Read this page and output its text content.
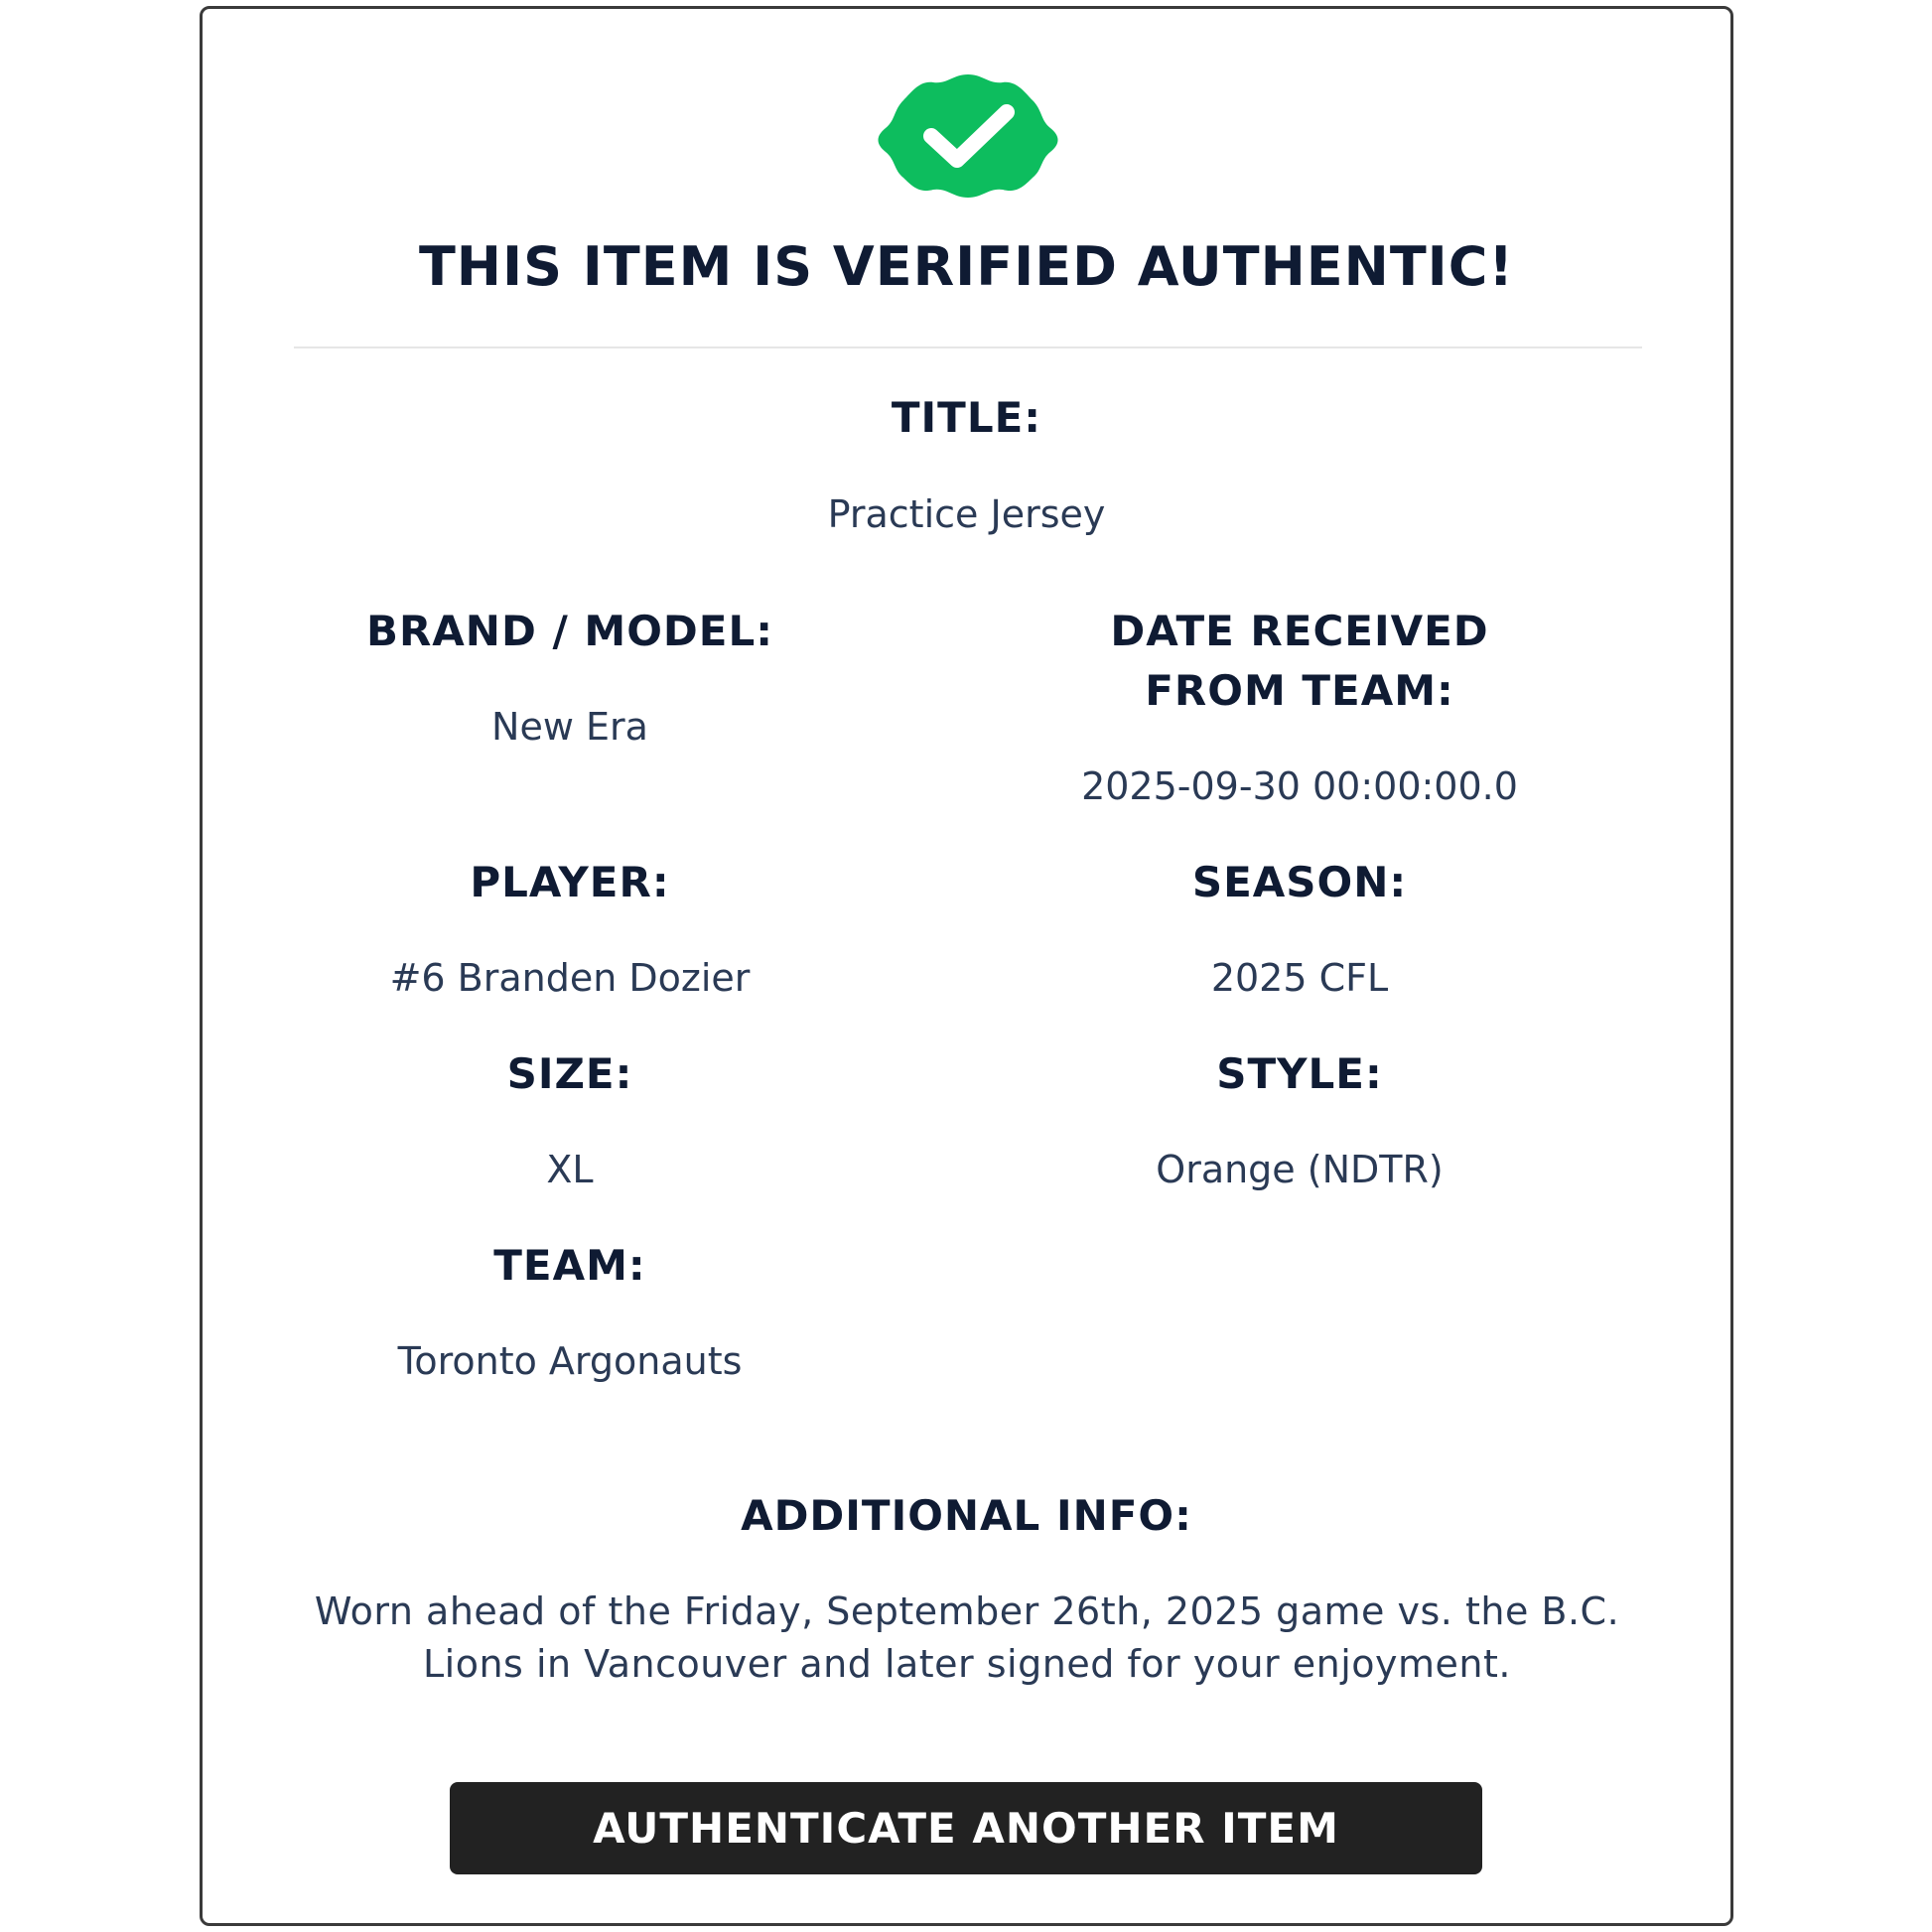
THIS ITEM IS VERIFIED AUTHENTIC!
TITLE:
Practice Jersey
BRAND / MODEL:
New Era
DATE RECEIVED
FROM TEAM:
2025-09-30 00:00:00.0
PLAYER:
#6 Branden Dozier
SEASON:
2025 CFL
SIZE:
XL
STYLE:
Orange (NDTR)
TEAM:
Toronto Argonauts
ADDITIONAL INFO:
Worn ahead of the Friday, September 26th, 2025 game vs. the B.C. Lions in Vancouver and later signed for your enjoyment.
AUTHENTICATE ANOTHER ITEM
